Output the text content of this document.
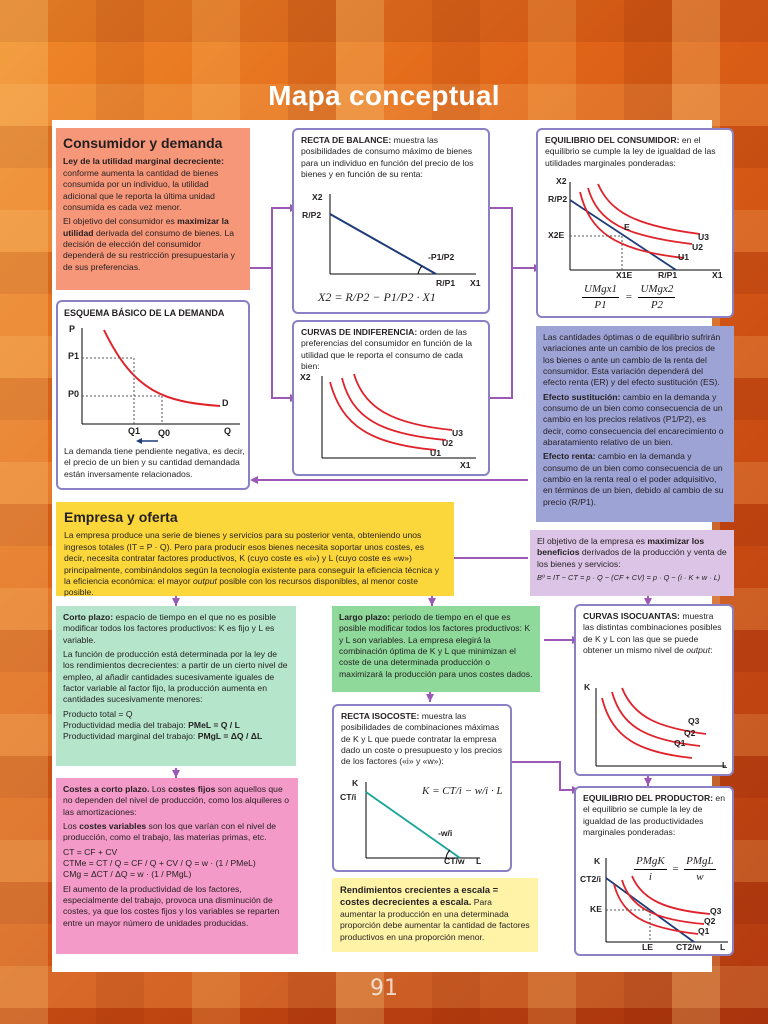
Mapa conceptual
Consumidor y demanda

Ley de la utilidad marginal decreciente: conforme aumenta la cantidad de bienes consumida por un individuo, la utilidad adicional que le reporta la última unidad consumida es cada vez menor.

El objetivo del consumidor es maximizar la utilidad derivada del consumo de bienes. La decisión de elección del consumidor dependerá de su restricción presupuestaria y de sus preferencias.

ESQUEMA BÁSICO DE LA DEMANDA
P
Q
P1
P0
Q1 Q0
D
La demanda tiene pendiente negativa, es decir, el precio de un bien y su cantidad demandada están inversamente relacionados.

RECTA DE BALANCE: muestra las posibilidades de consumo máximo de bienes para un individuo en función del precio de los bienes y en función de su renta:

X2
R/P2
-P1/P2
R/P1 X1
X2 = R/P2 − P1/P2 · X1

CURVAS DE INDIFERENCIA: orden de las preferencias del consumidor en función de la utilidad que le reporta el consumo de cada bien:

X2
X1
U3
U2
U1

EQUILIBRIO DEL CONSUMIDOR: en el equilibrio se cumple la ley de igualdad de las utilidades marginales ponderadas:

X2
R/P2
X2E
E
X1E	R/P1	X1
U3
U2
U1
UMgx1
P1
=
UMgx2
P2

Las cantidades óptimas o de equilibrio sufrirán variaciones ante un cambio de los precios de los bienes o ante un cambio de la renta del consumidor. Esta variación dependerá del efecto renta (ER) y del efecto sustitución (ES).

Efecto sustitución: cambio en la demanda y consumo de un bien como consecuencia de un cambio en los precios relativos (P1/P2), es decir, como consecuencia del encarecimiento o abaratamiento relativo de un bien.

Efecto renta: cambio en la demanda y consumo de un bien como consecuencia de un cambio en la renta real o el poder adquisitivo, en términos de un bien, debido al cambio de su precio (R/P1).

Empresa y oferta

La empresa produce una serie de bienes y servicios para su posterior venta, obteniendo unos ingresos totales (IT = P · Q). Pero para producir esos bienes necesita soportar unos costes, es decir, necesita contratar factores productivos, K (cuyo coste es «i») y L (cuyo coste es «w») principalmente, combinándolos según la tecnología existente para conseguir la eficiencia técnica y la eficiencia económica: el mayor output posible con los recursos disponibles, al menor coste posible.

El objetivo de la empresa es maximizar los beneficios derivados de la producción y venta de los bienes y servicios:

Bº = IT − CT = p · Q − (CF + CV) = p · Q − (i · K + w · L)

Corto plazo: espacio de tiempo en el que no es posible modificar todos los factores productivos: K es fijo y L es variable.

La función de producción está determinada por la ley de los rendimientos decrecientes: a partir de un cierto nivel de empleo, al añadir cantidades sucesivamente iguales de factor variable al factor fijo, la producción aumenta en cantidades sucesivamente menores:

Producto total = Q
Productividad media del trabajo: PMeL = Q / L
Productividad marginal del trabajo: PMgL = ΔQ / ΔL

Largo plazo: periodo de tiempo en el que es posible modificar todos los factores productivos: K y L son variables. La empresa elegirá la combinación óptima de K y L que minimizan el coste de una determinada producción o maximizará la producción para unos costes dados.

CURVAS ISOCUANTAS: muestra las distintas combinaciones posibles de K y L con las que se puede obtener un mismo nivel de output:

K
Q3
Q2
Q1
L

RECTA ISOCOSTE: muestra las posibilidades de combinaciones máximas de K y L que puede contratar la empresa dado un coste o presupuesto y los precios de los factores («i» y «w»):

K
CT/i	K = CT/i − w/i · L
-w/i
CT/w L

Costes a corto plazo. Los costes fijos son aquellos que no dependen del nivel de producción, como los alquileres o las amortizaciones:

Los costes variables son los que varían con el nivel de producción, como el trabajo, las materias primas, etc.

CT = CF + CV
CTMe = CT / Q = CF / Q + CV / Q = w · (1 / PMeL)
CMg = ΔCT / ΔQ = w · (1 / PMgL)

El aumento de la productividad de los factores, especialmente del trabajo, provoca una disminución de costes, ya que los costes fijos y los variables se reparten entre un mayor número de unidades producidas.

Rendimientos crecientes a escala = costes decrecientes a escala. Para aumentar la producción en una determinada proporción debe aumentar la cantidad de factores productivos en una proporción menor.

EQUILIBRIO DEL PRODUCTOR: en el equilibrio se cumple la ley de igualdad de las productividades marginales ponderadas:

PMgK
i
=
PMgL
w
K
CT2/i
KE	Q3
Q2
Q1
LE	CT2/w L
91
